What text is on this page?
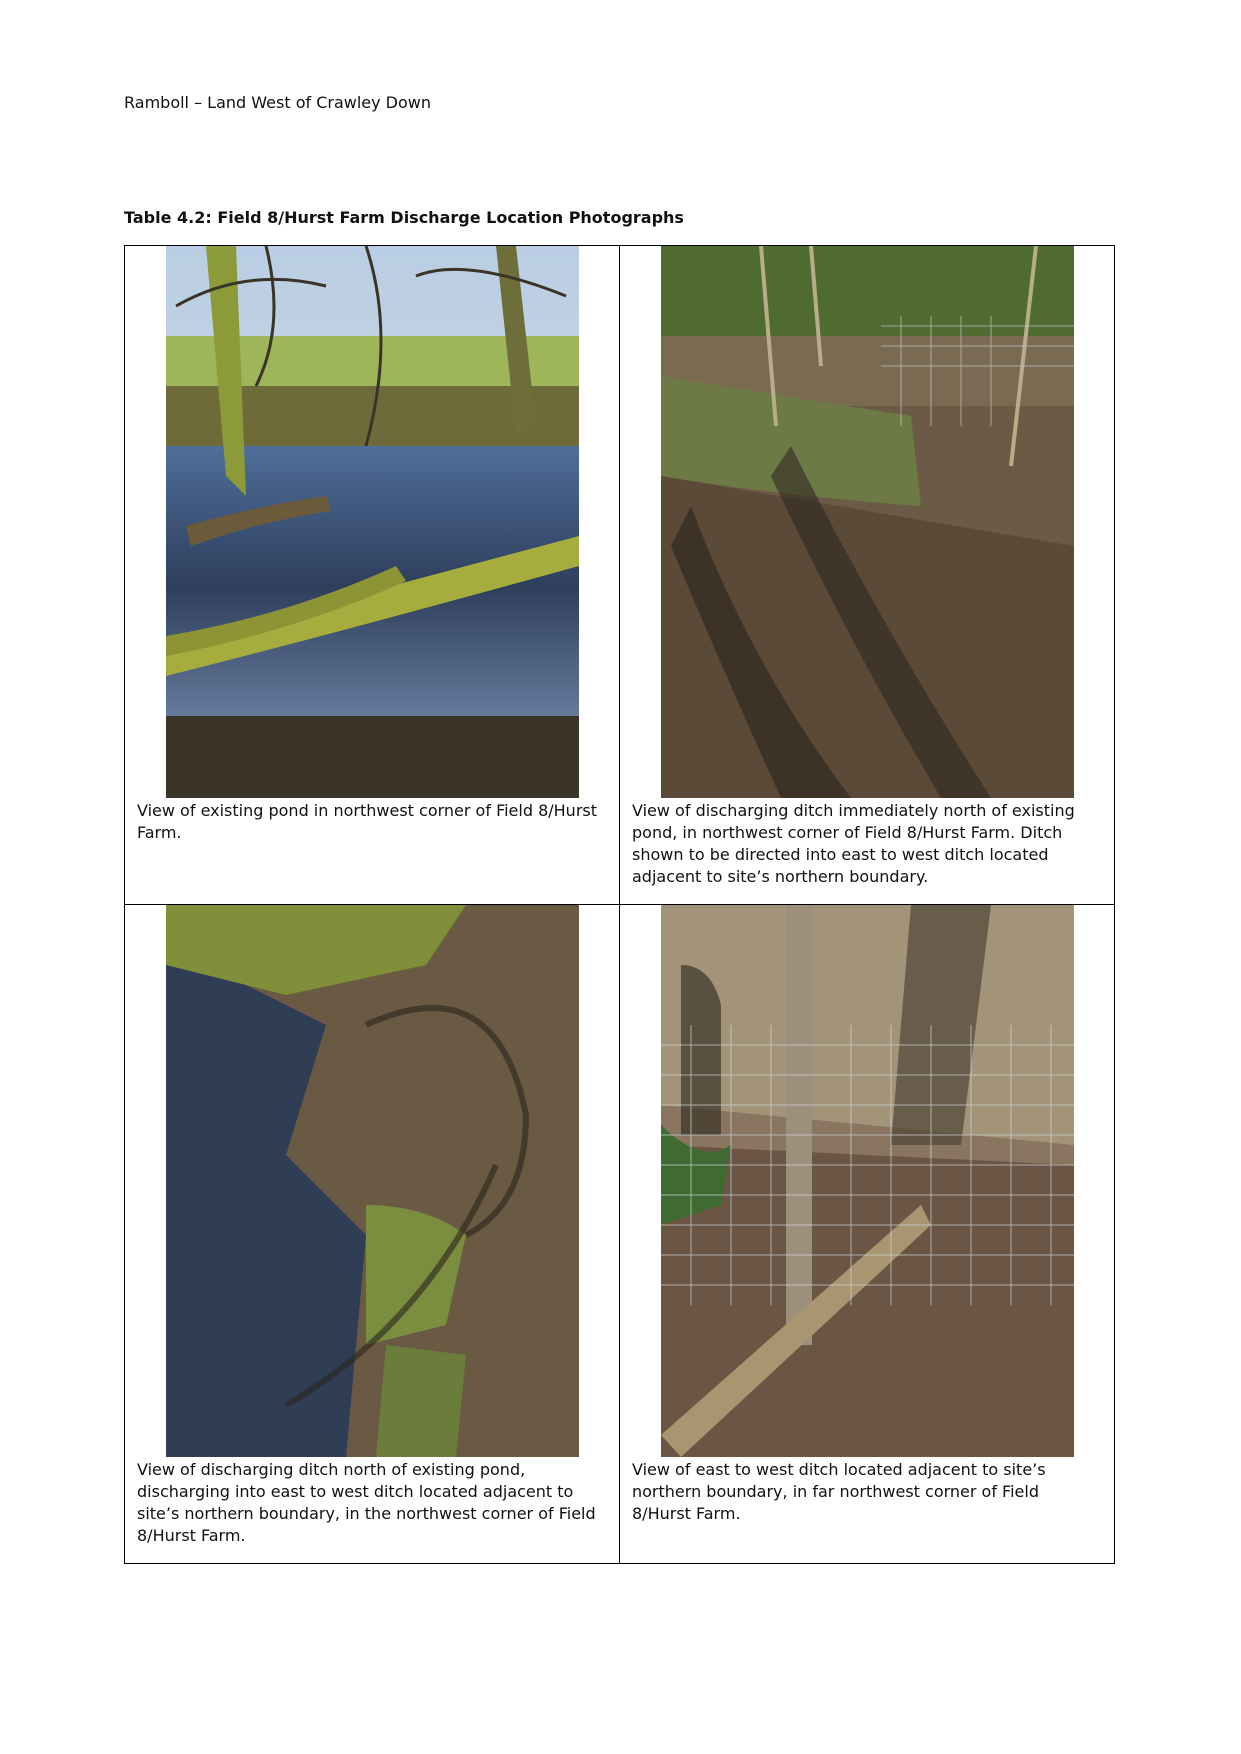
Ramboll – Land West of Crawley Down
Table 4.2: Field 8/Hurst Farm Discharge Location Photographs
View of existing pond in northwest corner of Field 8/Hurst Farm.	View of discharging ditch immediately north of existing pond, in northwest corner of Field 8/Hurst Farm. Ditch shown to be directed into east to west ditch located adjacent to site’s northern boundary.

View of discharging ditch north of existing pond, discharging into east to west ditch located adjacent to site’s northern boundary, in the northwest corner of Field 8/Hurst Farm.	View of east to west ditch located adjacent to site’s northern boundary, in far northwest corner of Field 8/Hurst Farm.
